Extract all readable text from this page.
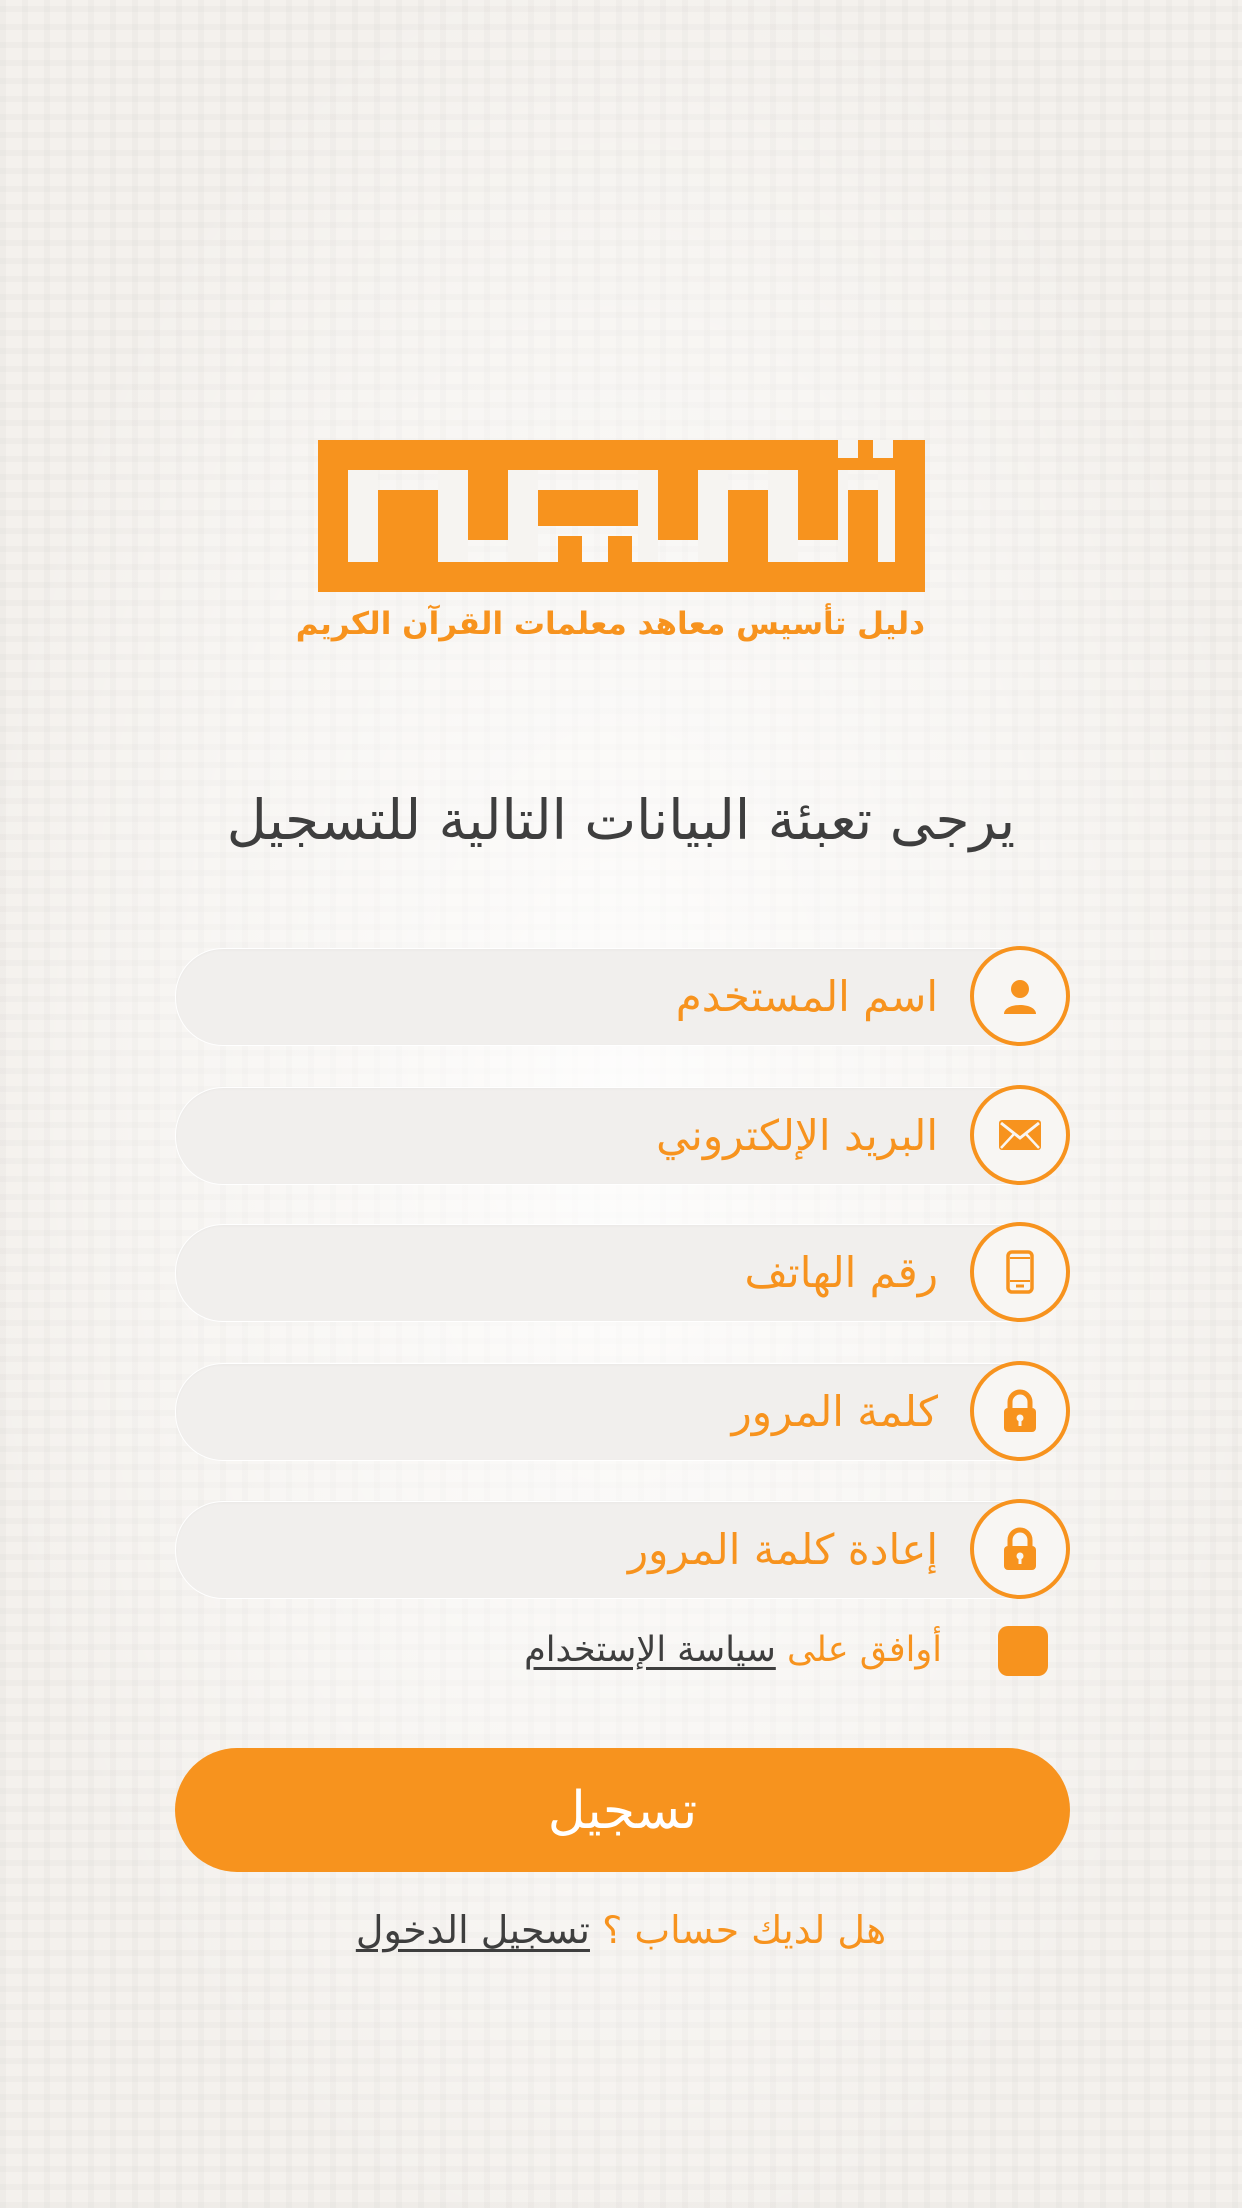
دليل تأسيس معاهد معلمات القرآن الكريم
يرجى تعبئة البيانات التالية للتسجيل
اسم المستخدم
البريد الإلكتروني
رقم الهاتف
كلمة المرور
إعادة كلمة المرور
أوافق على سياسة الإستخدام
تسجيل
هل لديك حساب ؟ تسجيل الدخول
